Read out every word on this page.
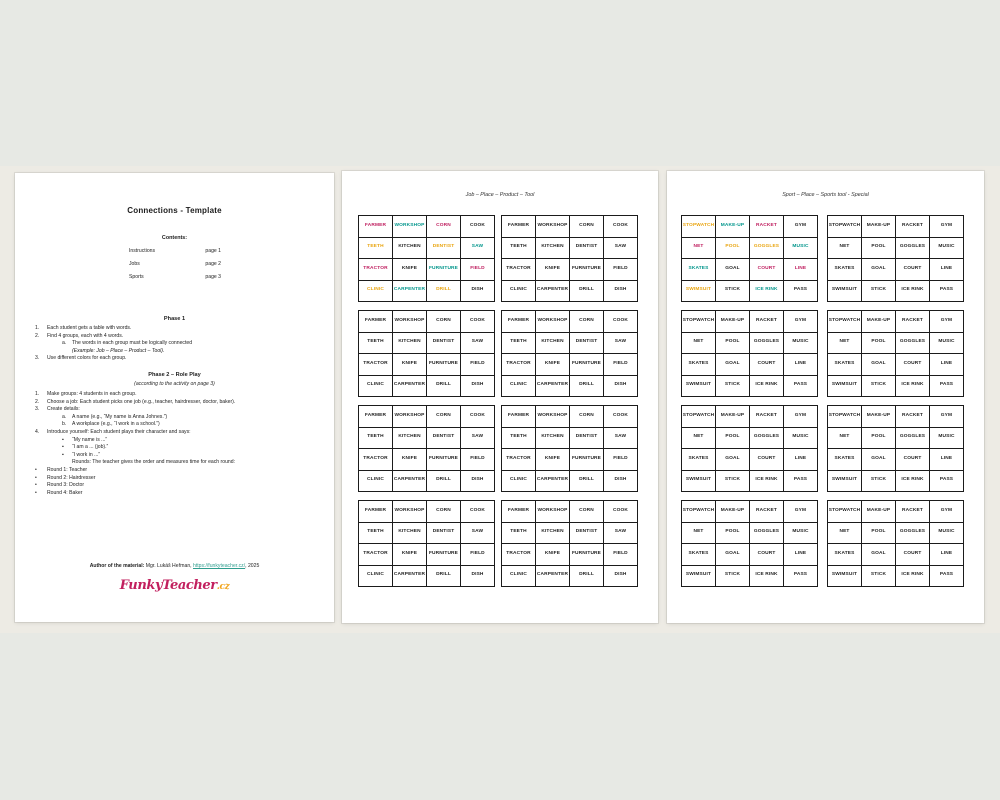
Connections - Template
Contents:
Instructions	page 1
Jobs	page 2
Sports	page 3
Phase 1
1.	Each student gets a table with words.
2.	Find 4 groups, each with 4 words.
a.	The words in each group must be logically connected
(Example: Job – Place – Product – Tool).
3.	Use different colors for each group.
Phase 2 – Role Play
(according to the activity on page 3)
1.	Make groups: 4 students in each group.
2.	Choose a job: Each student picks one job (e.g., teacher, hairdresser, doctor, baker).
3.	Create details:
a.	A name (e.g., “My name is Anna Johnes.”)
b.	A workplace (e.g., “I work in a school.”)
4.	Introduce yourself: Each student plays their character and says:
▪	“My name is ...”
▪	“I am a ... (job).”
▪	“I work in ...”
Rounds: The teacher gives the order and measures time for each round:
•	Round 1: Teacher
•	Round 2: Hairdresser
•	Round 3: Doctor
•	Round 4: Baker
Author of the material: Mgr. Lukáš Heřman, https://funkyteacher.cz/, 2025
FunkyTeacher.cz
Job – Place – Product – Tool
FARMER	WORKSHOP	CORN	COOK
TEETH	KITCHEN	DENTIST	SAW
TRACTOR	KNIFE	FURNITURE	FIELD
CLINIC	CARPENTER	DRILL	DISH
FARMER	WORKSHOP	CORN	COOK
TEETH	KITCHEN	DENTIST	SAW
TRACTOR	KNIFE	FURNITURE	FIELD
CLINIC	CARPENTER	DRILL	DISH
FARMER	WORKSHOP	CORN	COOK
TEETH	KITCHEN	DENTIST	SAW
TRACTOR	KNIFE	FURNITURE	FIELD
CLINIC	CARPENTER	DRILL	DISH
FARMER	WORKSHOP	CORN	COOK
TEETH	KITCHEN	DENTIST	SAW
TRACTOR	KNIFE	FURNITURE	FIELD
CLINIC	CARPENTER	DRILL	DISH
FARMER	WORKSHOP	CORN	COOK
TEETH	KITCHEN	DENTIST	SAW
TRACTOR	KNIFE	FURNITURE	FIELD
CLINIC	CARPENTER	DRILL	DISH
FARMER	WORKSHOP	CORN	COOK
TEETH	KITCHEN	DENTIST	SAW
TRACTOR	KNIFE	FURNITURE	FIELD
CLINIC	CARPENTER	DRILL	DISH
FARMER	WORKSHOP	CORN	COOK
TEETH	KITCHEN	DENTIST	SAW
TRACTOR	KNIFE	FURNITURE	FIELD
CLINIC	CARPENTER	DRILL	DISH
FARMER	WORKSHOP	CORN	COOK
TEETH	KITCHEN	DENTIST	SAW
TRACTOR	KNIFE	FURNITURE	FIELD
CLINIC	CARPENTER	DRILL	DISH
Sport – Place – Sports tool - Special
STOPWATCH	MAKE-UP	RACKET	GYM
NET	POOL	GOGGLES	MUSIC
SKATES	GOAL	COURT	LINE
SWIMSUIT	STICK	ICE RINK	PASS
STOPWATCH	MAKE-UP	RACKET	GYM
NET	POOL	GOGGLES	MUSIC
SKATES	GOAL	COURT	LINE
SWIMSUIT	STICK	ICE RINK	PASS
STOPWATCH	MAKE-UP	RACKET	GYM
NET	POOL	GOGGLES	MUSIC
SKATES	GOAL	COURT	LINE
SWIMSUIT	STICK	ICE RINK	PASS
STOPWATCH	MAKE-UP	RACKET	GYM
NET	POOL	GOGGLES	MUSIC
SKATES	GOAL	COURT	LINE
SWIMSUIT	STICK	ICE RINK	PASS
STOPWATCH	MAKE-UP	RACKET	GYM
NET	POOL	GOGGLES	MUSIC
SKATES	GOAL	COURT	LINE
SWIMSUIT	STICK	ICE RINK	PASS
STOPWATCH	MAKE-UP	RACKET	GYM
NET	POOL	GOGGLES	MUSIC
SKATES	GOAL	COURT	LINE
SWIMSUIT	STICK	ICE RINK	PASS
STOPWATCH	MAKE-UP	RACKET	GYM
NET	POOL	GOGGLES	MUSIC
SKATES	GOAL	COURT	LINE
SWIMSUIT	STICK	ICE RINK	PASS
STOPWATCH	MAKE-UP	RACKET	GYM
NET	POOL	GOGGLES	MUSIC
SKATES	GOAL	COURT	LINE
SWIMSUIT	STICK	ICE RINK	PASS
